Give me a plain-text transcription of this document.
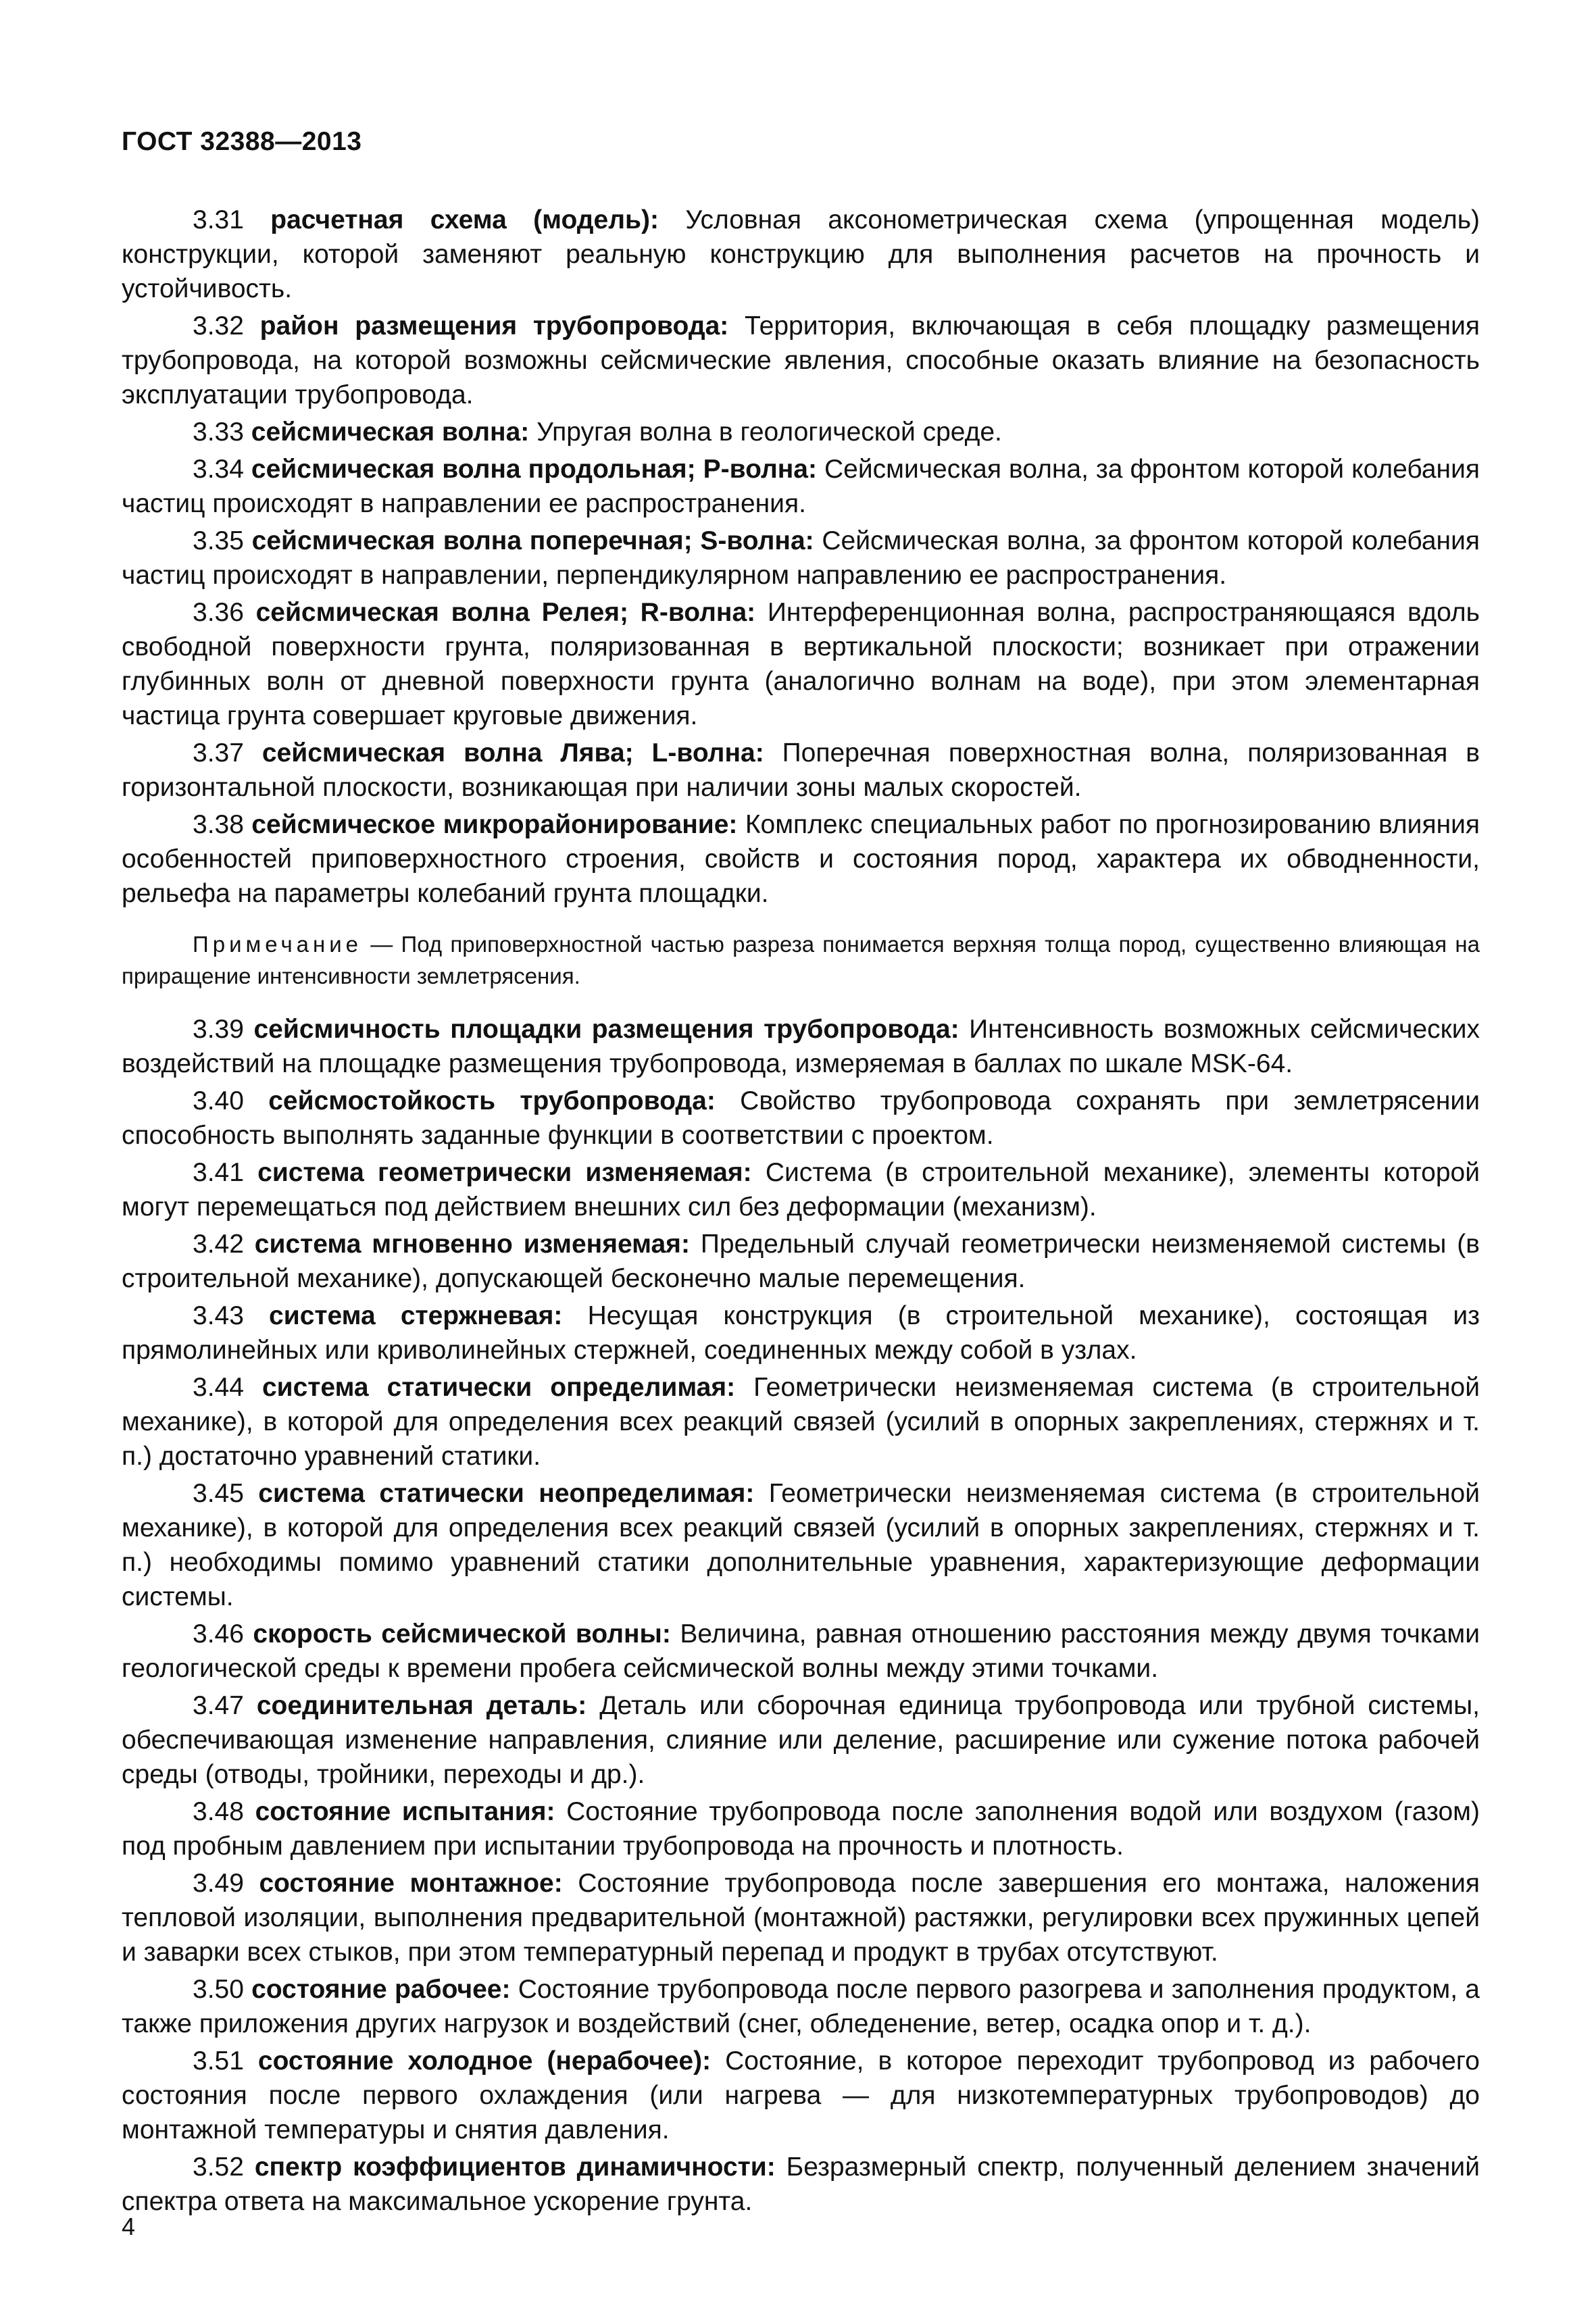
ГОСТ 32388—2013

3.31 расчетная схема (модель): Условная аксонометрическая схема (упрощенная модель) конструкции, которой заменяют реальную конструкцию для выполнения расчетов на прочность и устойчивость.

3.32 район размещения трубопровода: Территория, включающая в себя площадку размещения трубопровода, на которой возможны сейсмические явления, способные оказать влияние на безопасность эксплуатации трубопровода.

3.33 сейсмическая волна: Упругая волна в геологической среде.

3.34 сейсмическая волна продольная; P-волна: Сейсмическая волна, за фронтом которой колебания частиц происходят в направлении ее распространения.

3.35 сейсмическая волна поперечная; S-волна: Сейсмическая волна, за фронтом которой колебания частиц происходят в направлении, перпендикулярном направлению ее распространения.

3.36 сейсмическая волна Релея; R-волна: Интерференционная волна, распространяющаяся вдоль свободной поверхности грунта, поляризованная в вертикальной плоскости; возникает при отражении глубинных волн от дневной поверхности грунта (аналогично волнам на воде), при этом элементарная частица грунта совершает круговые движения.

3.37 сейсмическая волна Лява; L-волна: Поперечная поверхностная волна, поляризованная в горизонтальной плоскости, возникающая при наличии зоны малых скоростей.

3.38 сейсмическое микрорайонирование: Комплекс специальных работ по прогнозированию влияния особенностей приповерхностного строения, свойств и состояния пород, характера их обводненности, рельефа на параметры колебаний грунта площадки.

Примечание — Под приповерхностной частью разреза понимается верхняя толща пород, существенно влияющая на приращение интенсивности землетрясения.

3.39 сейсмичность площадки размещения трубопровода: Интенсивность возможных сейсмических воздействий на площадке размещения трубопровода, измеряемая в баллах по шкале MSK-64.

3.40 сейсмостойкость трубопровода: Свойство трубопровода сохранять при землетрясении способность выполнять заданные функции в соответствии с проектом.

3.41 система геометрически изменяемая: Система (в строительной механике), элементы которой могут перемещаться под действием внешних сил без деформации (механизм).

3.42 система мгновенно изменяемая: Предельный случай геометрически неизменяемой системы (в строительной механике), допускающей бесконечно малые перемещения.

3.43 система стержневая: Несущая конструкция (в строительной механике), состоящая из прямолинейных или криволинейных стержней, соединенных между собой в узлах.

3.44 система статически определимая: Геометрически неизменяемая система (в строительной механике), в которой для определения всех реакций связей (усилий в опорных закреплениях, стержнях и т. п.) достаточно уравнений статики.

3.45 система статически неопределимая: Геометрически неизменяемая система (в строительной механике), в которой для определения всех реакций связей (усилий в опорных закреплениях, стержнях и т. п.) необходимы помимо уравнений статики дополнительные уравнения, характеризующие деформации системы.

3.46 скорость сейсмической волны: Величина, равная отношению расстояния между двумя точками геологической среды к времени пробега сейсмической волны между этими точками.

3.47 соединительная деталь: Деталь или сборочная единица трубопровода или трубной системы, обеспечивающая изменение направления, слияние или деление, расширение или сужение потока рабочей среды (отводы, тройники, переходы и др.).

3.48 состояние испытания: Состояние трубопровода после заполнения водой или воздухом (газом) под пробным давлением при испытании трубопровода на прочность и плотность.

3.49 состояние монтажное: Состояние трубопровода после завершения его монтажа, наложения тепловой изоляции, выполнения предварительной (монтажной) растяжки, регулировки всех пружинных цепей и заварки всех стыков, при этом температурный перепад и продукт в трубах отсутствуют.

3.50 состояние рабочее: Состояние трубопровода после первого разогрева и заполнения продуктом, а также приложения других нагрузок и воздействий (снег, обледенение, ветер, осадка опор и т. д.).

3.51 состояние холодное (нерабочее): Состояние, в которое переходит трубопровод из рабочего состояния после первого охлаждения (или нагрева — для низкотемпературных трубопроводов) до монтажной температуры и снятия давления.

3.52 спектр коэффициентов динамичности: Безразмерный спектр, полученный делением значений спектра ответа на максимальное ускорение грунта.

4
